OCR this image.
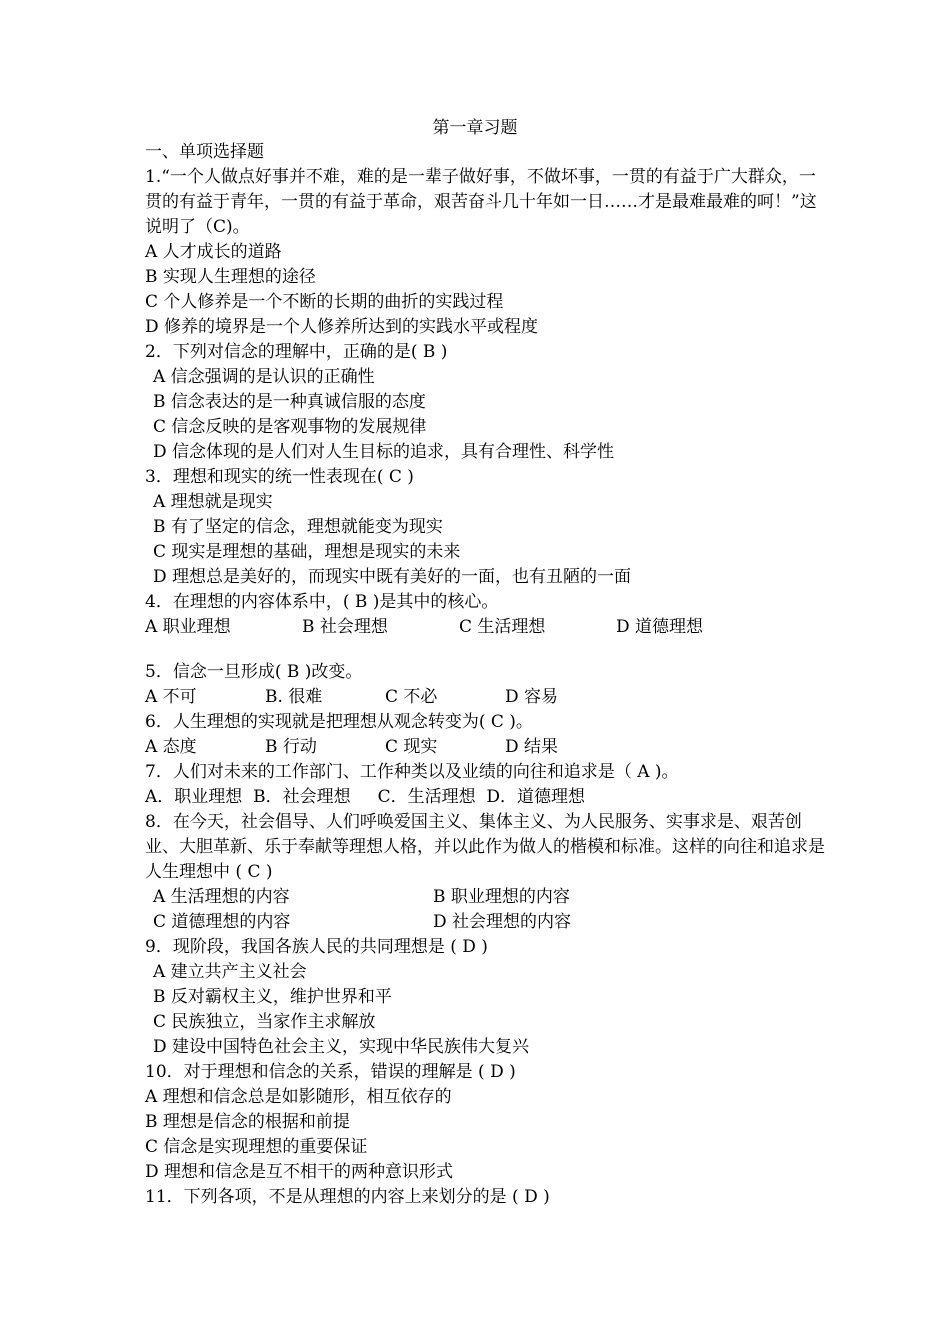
第一章习题
一、单项选择题
1.“一个人做点好事并不难，难的是一辈子做好事，不做坏事，一贯的有益于广大群众，一贯的有益于青年，一贯的有益于革命，艰苦奋斗几十年如一日……才是最难最难的呵！”这说明了（C)。
A 人才成长的道路
B 实现人生理想的途径
C 个人修养是一个不断的长期的曲折的实践过程
D 修养的境界是一个人修养所达到的实践水平或程度
2．下列对信念的理解中，正确的是( B )
A 信念强调的是认识的正确性
B 信念表达的是一种真诚信服的态度
C 信念反映的是客观事物的发展规律
D 信念体现的是人们对人生目标的追求，具有合理性、科学性
3．理想和现实的统一性表现在( C )
A 理想就是现实
B 有了坚定的信念，理想就能变为现实
C 现实是理想的基础，理想是现实的未来
D 理想总是美好的，而现实中既有美好的一面，也有丑陋的一面
4．在理想的内容体系中，( B )是其中的核心。
A 职业理想	B 社会理想	C 生活理想	D 道德理想
5．信念一旦形成( B )改变。
A 不可	B. 很难	C 不必	D 容易
6．人生理想的实现就是把理想从观念转变为( C )。
A 态度	B 行动	C 现实	D 结果
7．人们对未来的工作部门、工作种类以及业绩的向往和追求是（ A )。
A．职业理想  B．社会理想     C．生活理想  D．道德理想
8．在今天，社会倡导、人们呼唤爱国主义、集体主义、为人民服务、实事求是、艰苦创业、大胆革新、乐于奉献等理想人格，并以此作为做人的楷模和标准。这样的向往和追求是人生理想中 ( C )
A 生活理想的内容	B 职业理想的内容
C 道德理想的内容	D 社会理想的内容
9．现阶段，我国各族人民的共同理想是 ( D )
A 建立共产主义社会
B 反对霸权主义，维护世界和平
C 民族独立，当家作主求解放
D 建设中国特色社会主义，实现中华民族伟大复兴
10．对于理想和信念的关系，错误的理解是 ( D )
A 理想和信念总是如影随形，相互依存的
B 理想是信念的根据和前提
C 信念是实现理想的重要保证
D 理想和信念是互不相干的两种意识形式
11．下列各项，不是从理想的内容上来划分的是 ( D )
